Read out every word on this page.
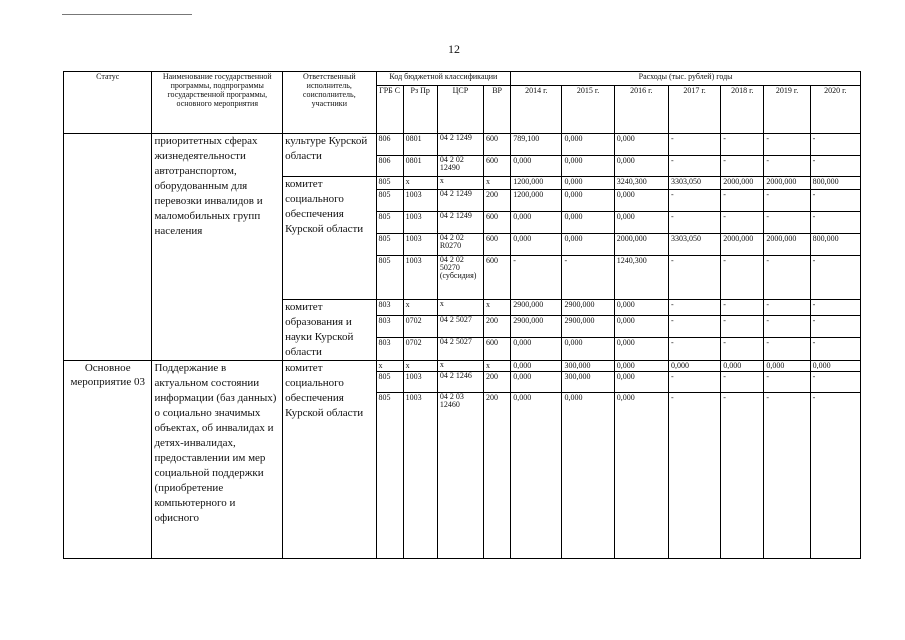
12
Статус	Наименование государственной программы, подпрограммы государственной программы, основного мероприятия	Ответственный исполнитель, соисполнитель, участники	Код бюджетной классификации				Расходы (тыс. рублей) годы						
			ГРБ С	Рз Пр	ЦСР	ВР	2014 г.	2015 г.	2016 г.	2017 г.	2018 г.	2019 г.	2020 г.
	приоритетных сферах жизнедеятельности автотранспортом, оборудованным для перевозки инвалидов и маломобильных групп населения	культуре Курской области	806	0801	04 2 1249	600	789,100	0,000	0,000	-	-	-	-
			806	0801	04 2 02 12490	600	0,000	0,000	0,000	-	-	-	-
		комитет социального обеспечения Курской области	805	х	х	х	1200,000	0,000	3240,300	3303,050	2000,000	2000,000	800,000
			805	1003	04 2 1249	200	1200,000	0,000	0,000	-	-	-	-
			805	1003	04 2 1249	600	0,000	0,000	0,000	-	-	-	-
			805	1003	04 2 02 R0270	600	0,000	0,000	2000,000	3303,050	2000,000	2000,000	800,000
			805	1003	04 2 02 50270 (субсидия)	600	-	-	1240,300	-	-	-	-
		комитет образования и науки Курской области	803	х	х	х	2900,000	2900,000	0,000	-	-	-	-
			803	0702	04 2 5027	200	2900,000	2900,000	0,000	-	-	-	-
			803	0702	04 2 5027	600	0,000	0,000	0,000	-	-	-	-
Основное мероприятие 03	Поддержание в актуальном состоянии информации (баз данных) о социально значимых объектах, об инвалидах и детях-инвалидах, предоставлении им мер социальной поддержки (приобретение компьютерного и офисного	комитет социального обеспечения Курской области	х	х	х	х	0,000	300,000	0,000	0,000	0,000	0,000	0,000
			805	1003	04 2 1246	200	0,000	300,000	0,000	-	-	-	-
			805	1003	04 2 03 12460	200	0,000	0,000	0,000	-	-	-	-
